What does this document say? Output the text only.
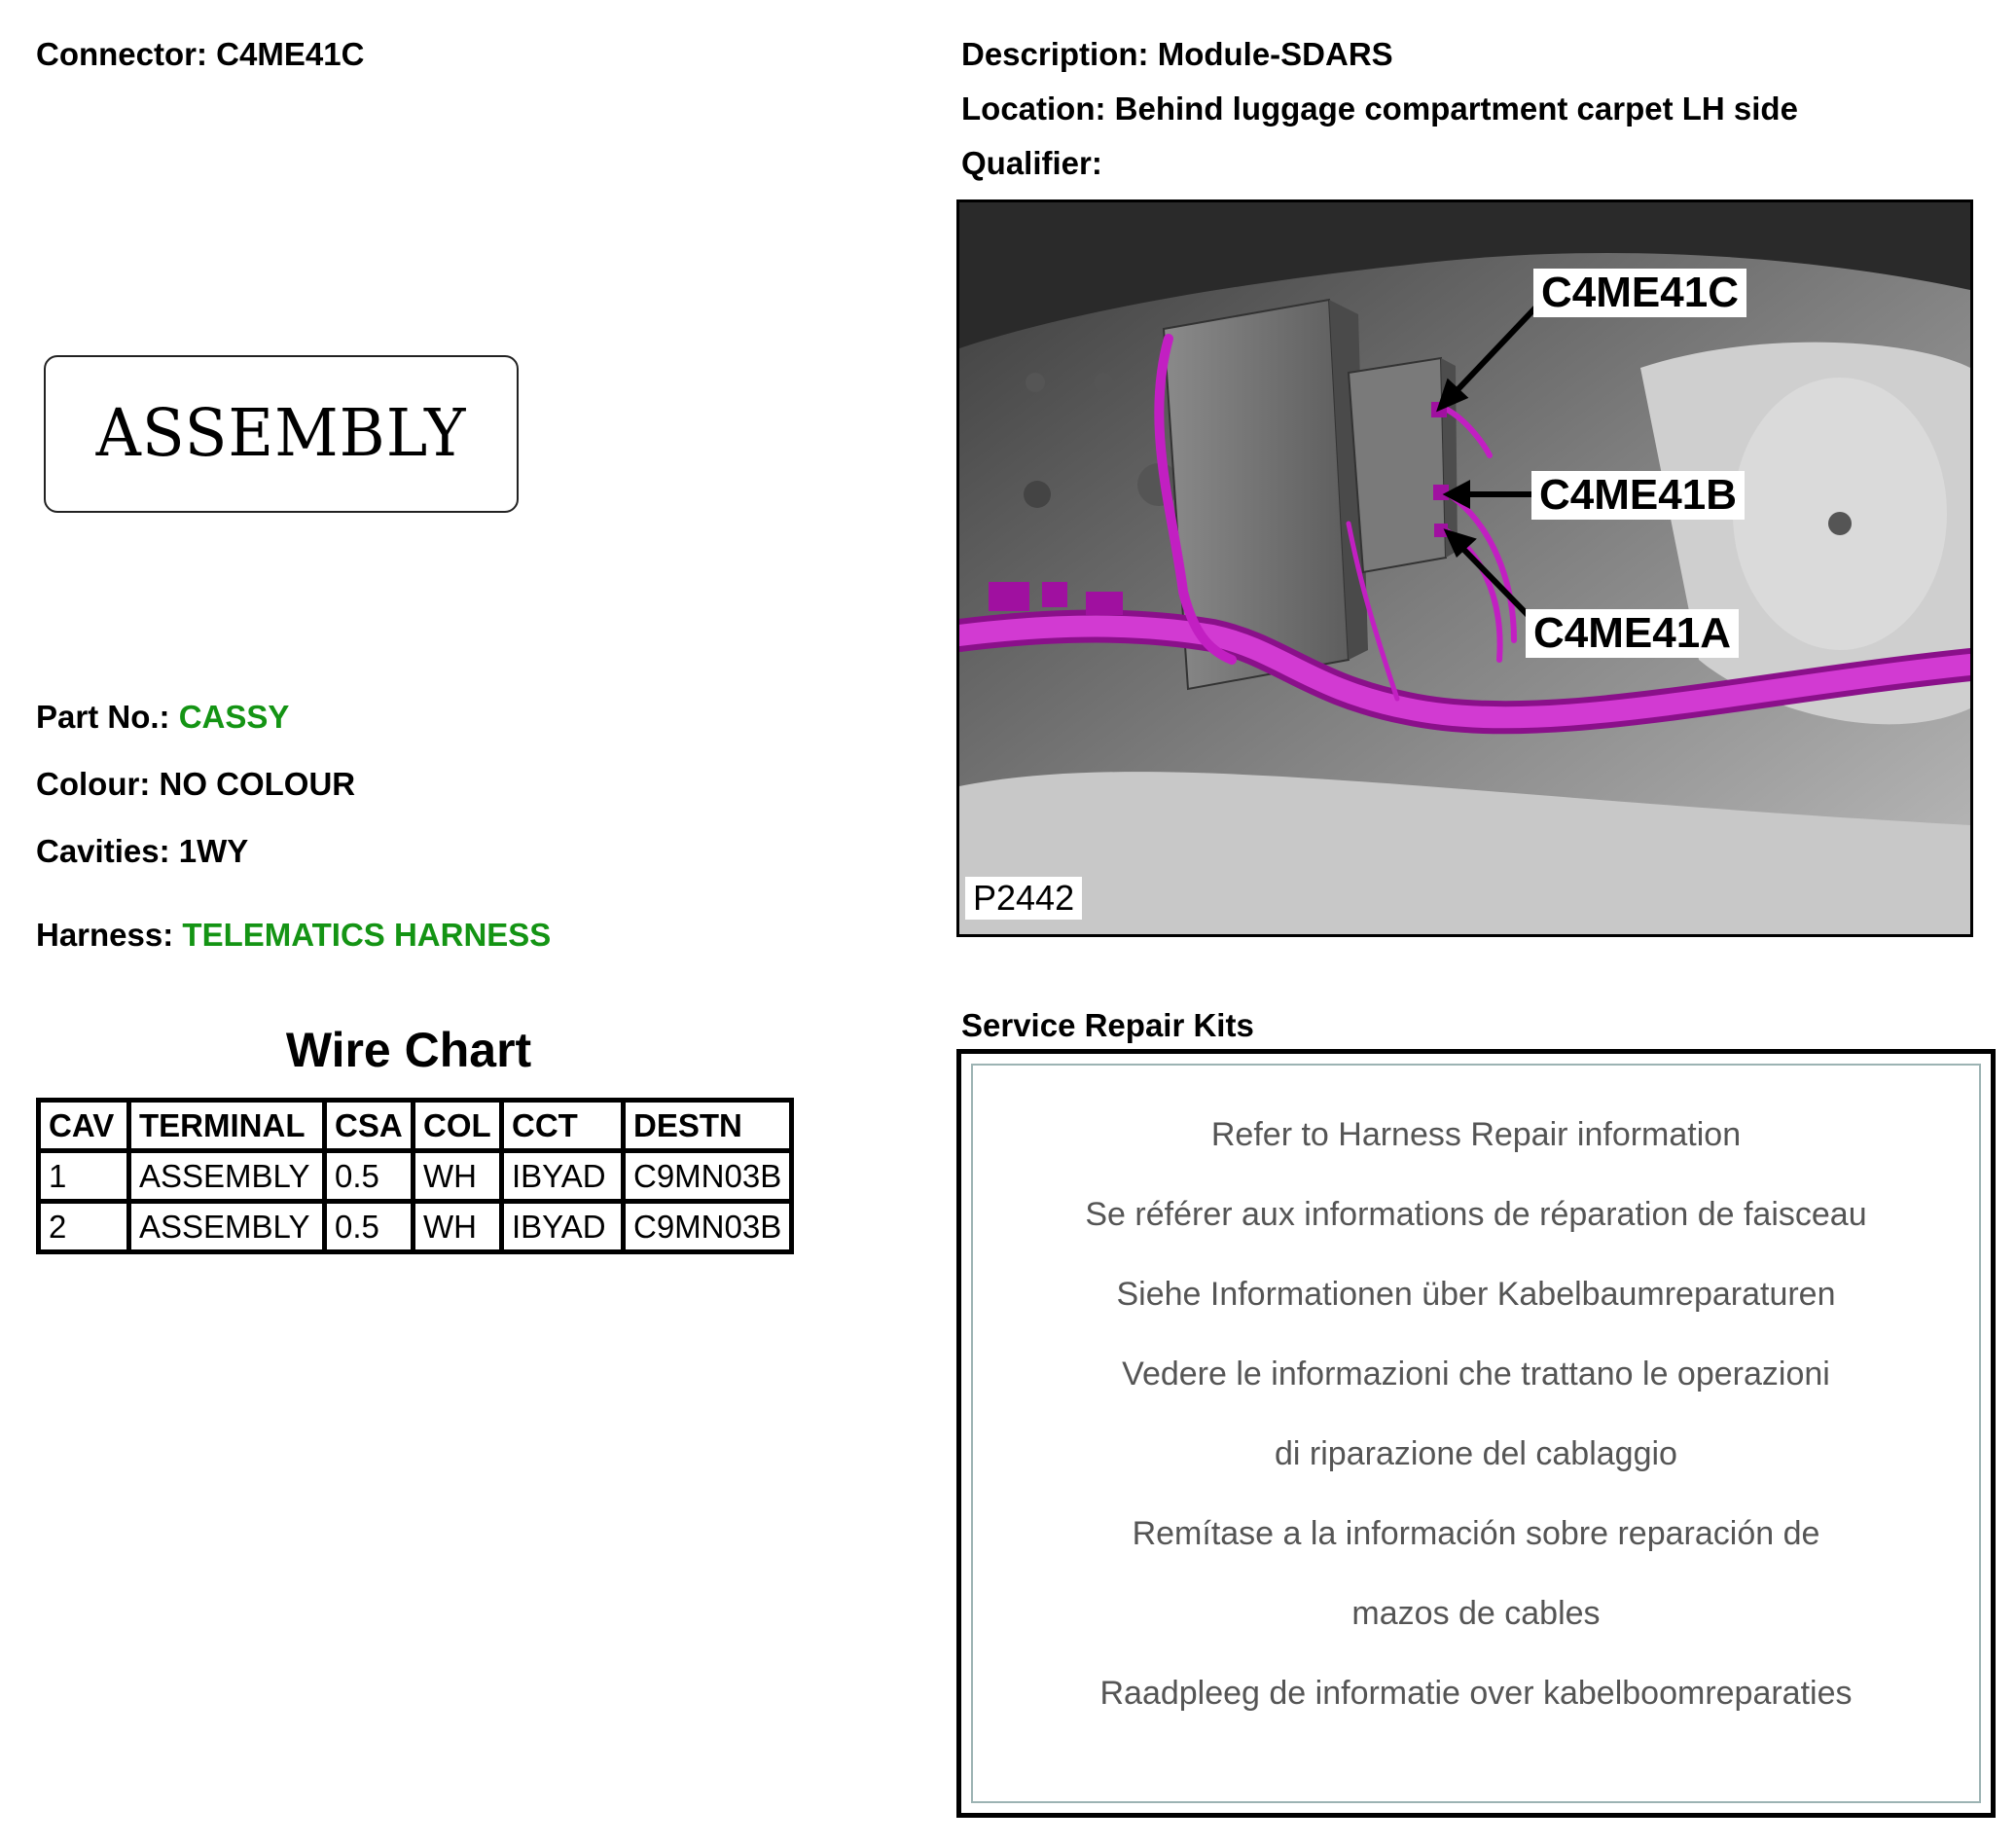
Connector: C4ME41C	Description: Module-SDARS
Location: Behind luggage compartment carpet LH side
Qualifier:
ASSEMBLY
Part No.: CASSY
Colour: NO COLOUR
Cavities: 1WY
Harness: TELEMATICS HARNESS
Wire Chart
CAV	TERMINAL	CSA	COL	CCT	DESTN
1	ASSEMBLY	0.5	WH	IBYAD	C9MN03B
2	ASSEMBLY	0.5	WH	IBYAD	C9MN03B
C4ME41C
C4ME41B
C4ME41A
P2442
Service Repair Kits
Refer to Harness Repair information
Se référer aux informations de réparation de faisceau
Siehe Informationen über Kabelbaumreparaturen
Vedere le informazioni che trattano le operazioni
di riparazione del cablaggio
Remítase a la información sobre reparación de
mazos de cables
Raadpleeg de informatie over kabelboomreparaties
